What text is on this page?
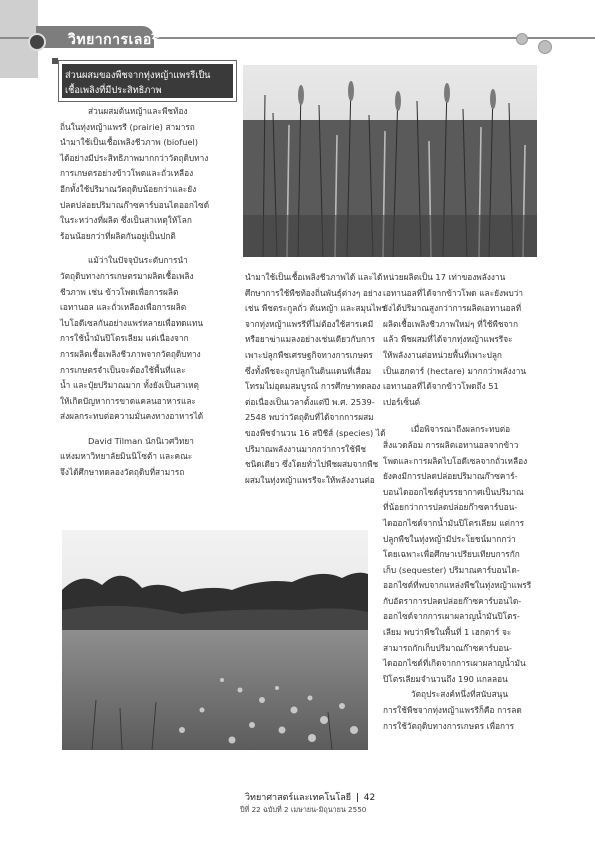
วิทยาการเลอรี่
ส่วนผสมของพืชจากทุ่งหญ้าแพรรีเป็น
เชื้อเพลิงที่มีประสิทธิภาพ
ส่วนผสมต้นหญ้าและพืชท้อง
ถิ่นในทุ่งหญ้าแพรรี (prairie) สามารถ
นำมาใช้เป็นเชื้อเพลิงชีวภาพ (biofuel)
ได้อย่างมีประสิทธิภาพมากกว่าวัตถุดิบทาง
การเกษตรอย่างข้าวโพดและถั่วเหลือง
อีกทั้งใช้ปริมาณวัตถุดิบน้อยกว่าและยัง
ปลดปล่อยปริมาณก๊าซคาร์บอนไดออกไซด์
ในระหว่างที่ผลิต ซึ่งเป็นสาเหตุให้โลก
ร้อนน้อยกว่าที่ผลิตกันอยู่เป็นปกติ
แม้ว่าในปัจจุบันระดับการนำ
วัตถุดิบทางการเกษตรมาผลิตเชื้อเพลิง
ชีวภาพ เช่น ข้าวโพดเพื่อการผลิต
เอทานอล และถั่วเหลืองเพื่อการผลิต
ไบโอดีเซลกันอย่างแพร่หลายเพื่อทดแทน
การใช้น้ำมันปิโตรเลียม แต่เนื่องจาก
การผลิตเชื้อเพลิงชีวภาพจากวัตถุดิบทาง
การเกษตรจำเป็นจะต้องใช้พื้นที่และ
น้ำ และปุ๋ยปริมาณมาก ทั้งยังเป็นสาเหตุ
ให้เกิดปัญหาการขาดแคลนอาหารและ
ส่งผลกระทบต่อความมั่นคงทางอาหารได้
David Tilman นักนิเวศวิทยา
แห่งมหาวิทยาลัยมินนิโซต้า และคณะ
จึงได้ศึกษาทดลองวัตถุดิบที่สามารถ
นำมาใช้เป็นเชื้อเพลิงชีวภาพได้ และได้
ศึกษาการใช้พืชท้องถิ่นพันธุ์ต่างๆ อย่าง
เช่น พืชตระกูลถั่ว ต้นหญ้า และสมุนไพร
จากทุ่งหญ้าแพรรีที่ไม่ต้องใช้สารเคมี
หรือยาฆ่าแมลงอย่างเช่นเดียวกับการ
เพาะปลูกพืชเศรษฐกิจทางการเกษตร
ซึ่งทั้งพืชจะถูกปลูกในดินแดนที่เสื่อม
โทรมไม่อุดมสมบูรณ์ การศึกษาทดลอง
ต่อเนื่องเป็นเวลาตั้งแต่ปี พ.ศ. 2539-
2548 พบว่าวัตถุดิบที่ได้จากการผสม
ของพืชจำนวน 16 สปีชีส์ (species) ได้
ปริมาณพลังงานมากกว่าการใช้พืช
ชนิดเดียว ซึ่งโดยทั่วไปพืชผสมจากพืช
ผสมในทุ่งหญ้าแพรรีจะให้พลังงานต่อ
หน่วยผลิตเป็น 17 เท่าของพลังงาน
เอทานอลที่ได้จากข้าวโพด และยังพบว่า
ยังได้ปริมาณสูงกว่าการผลิตเอทานอลที่
ผลิตเชื้อเพลิงชีวภาพใหม่ๆ ที่ใช้พืชจาก
แล้ว พืชผสมที่ได้จากทุ่งหญ้าแพรรีจะ
ให้พลังงานต่อหน่วยพื้นที่เพาะปลูก
เป็นเฮกตาร์ (hectare) มากกว่าพลังงาน
เอทานอลที่ได้จากข้าวโพดถึง 51
เปอร์เซ็นต์
เมื่อพิจารณาถึงผลกระทบต่อ
สิ่งแวดล้อม การผลิตเอทานอลจากข้าว
โพดและการผลิตไบโอดีเซลจากถั่วเหลือง
ยังคงมีการปลดปล่อยปริมาณก๊าซคาร์-
บอนไดออกไซด์สู่บรรยากาศเป็นปริมาณ
ที่น้อยกว่าการปลดปล่อยก๊าซคาร์บอน-
ไดออกไซด์จากน้ำมันปิโตรเลียม แต่การ
ปลูกพืชในทุ่งหญ้ามีประโยชน์มากกว่า
โดยเฉพาะเพื่อศึกษาเปรียบเทียบการกัก
เก็บ (sequester) ปริมาณคาร์บอนได-
ออกไซด์ที่พบจากแหล่งพืชในทุ่งหญ้าแพรรี
กับอัตราการปลดปล่อยก๊าซคาร์บอนได-
ออกไซด์จากการเผาผลาญน้ำมันปิโตร-
เลียม พบว่าพืชในพื้นที่ 1 เฮกตาร์ จะ
สามารถกักเก็บปริมาณก๊าซคาร์บอน-
ไดออกไซด์ที่เกิดจากการเผาผลาญน้ำมัน
ปิโตรเลียมจำนวนถึง 190 แกลลอน
วัตถุประสงค์หนึ่งที่สนับสนุน
การใช้พืชจากทุ่งหญ้าแพรรีก็คือ การลด
การใช้วัตถุดิบทางการเกษตร เพื่อการ
วิทยาศาสตร์และเทคโนโลยี 42
ปีที่ 22 ฉบับที่ 2 เมษายน-มิถุนายน 2550
